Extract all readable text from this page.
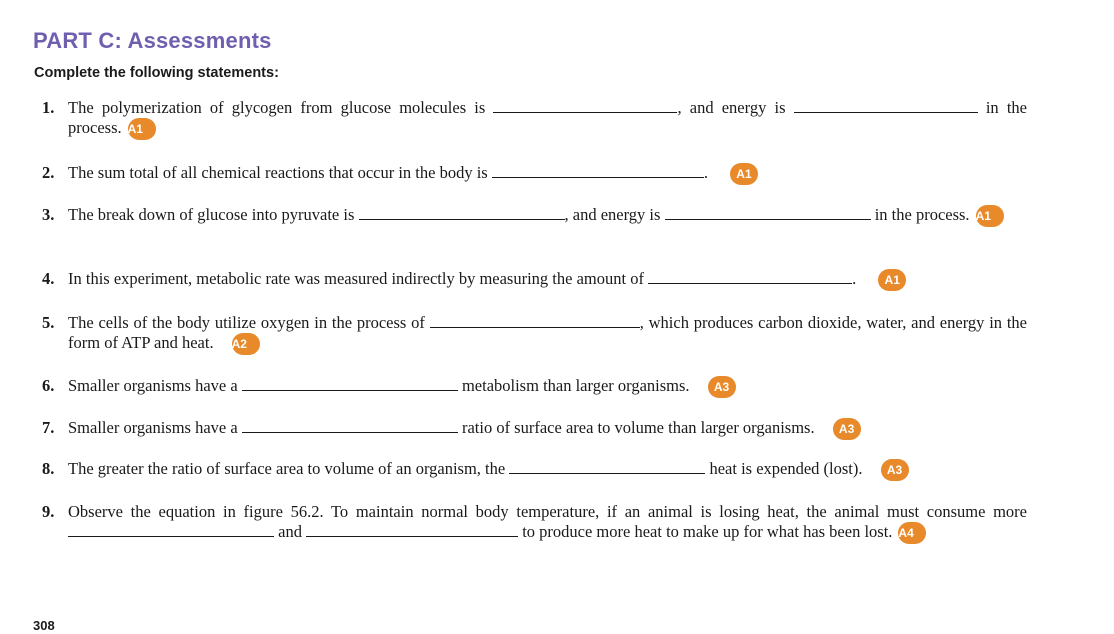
PART C: Assessments

Complete the following statements:

1. The polymerization of glycogen from glucose molecules is	, and energy is	in the process. A1
2. The sum total of all chemical reactions that occur in the body is	. A1
3. The break down of glucose into pyruvate is	, and energy is	in the process. A1
4. In this experiment, metabolic rate was measured indirectly by measuring the amount of	. A1
5. The cells of the body utilize oxygen in the process of	, which produces carbon dioxide, water, and energy in the form of ATP and heat. A2
6. Smaller organisms have a	metabolism than larger organisms. A3
7. Smaller organisms have a	ratio of surface area to volume than larger organisms. A3
8. The greater the ratio of surface area to volume of an organism, the	heat is expended (lost). A3
9. Observe the equation in figure 56.2. To maintain normal body temperature, if an animal is losing heat, the animal must consume more  and	to produce more heat to make up for what has been lost. A4
308
